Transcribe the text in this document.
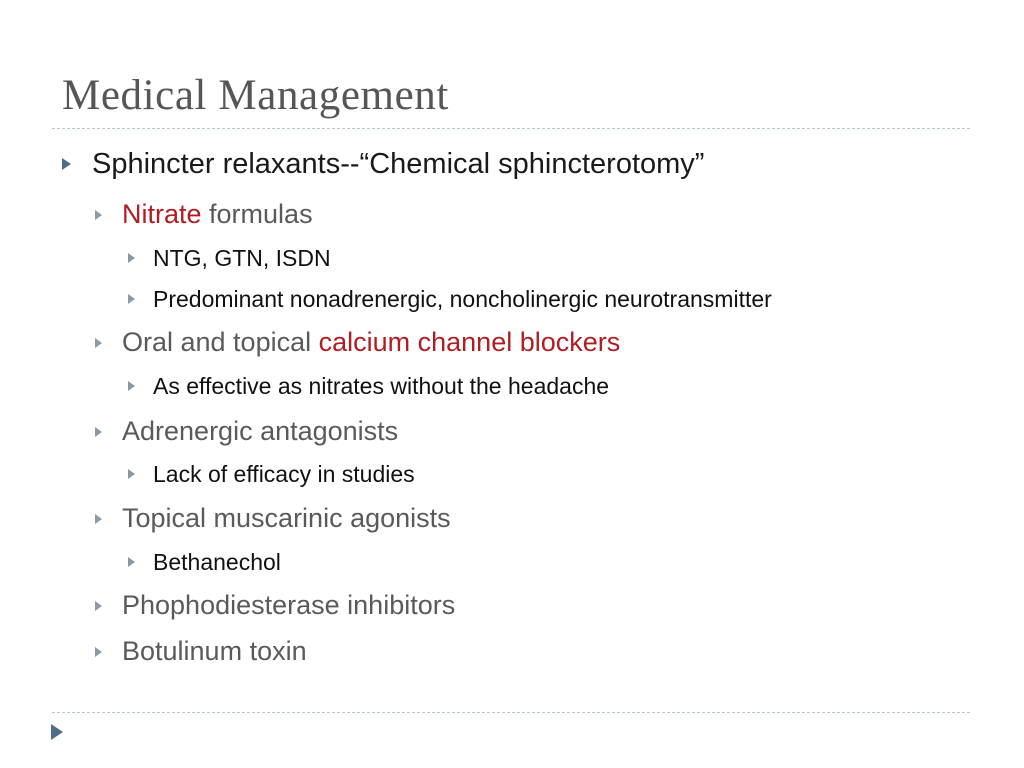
Medical Management
Sphincter relaxants--“Chemical sphincterotomy”
Nitrate formulas
NTG, GTN, ISDN
Predominant nonadrenergic, noncholinergic neurotransmitter
Oral and topical calcium channel blockers
As effective as nitrates without the headache
Adrenergic antagonists
Lack of efficacy in studies
Topical muscarinic agonists
Bethanechol
Phophodiesterase inhibitors
Botulinum toxin
